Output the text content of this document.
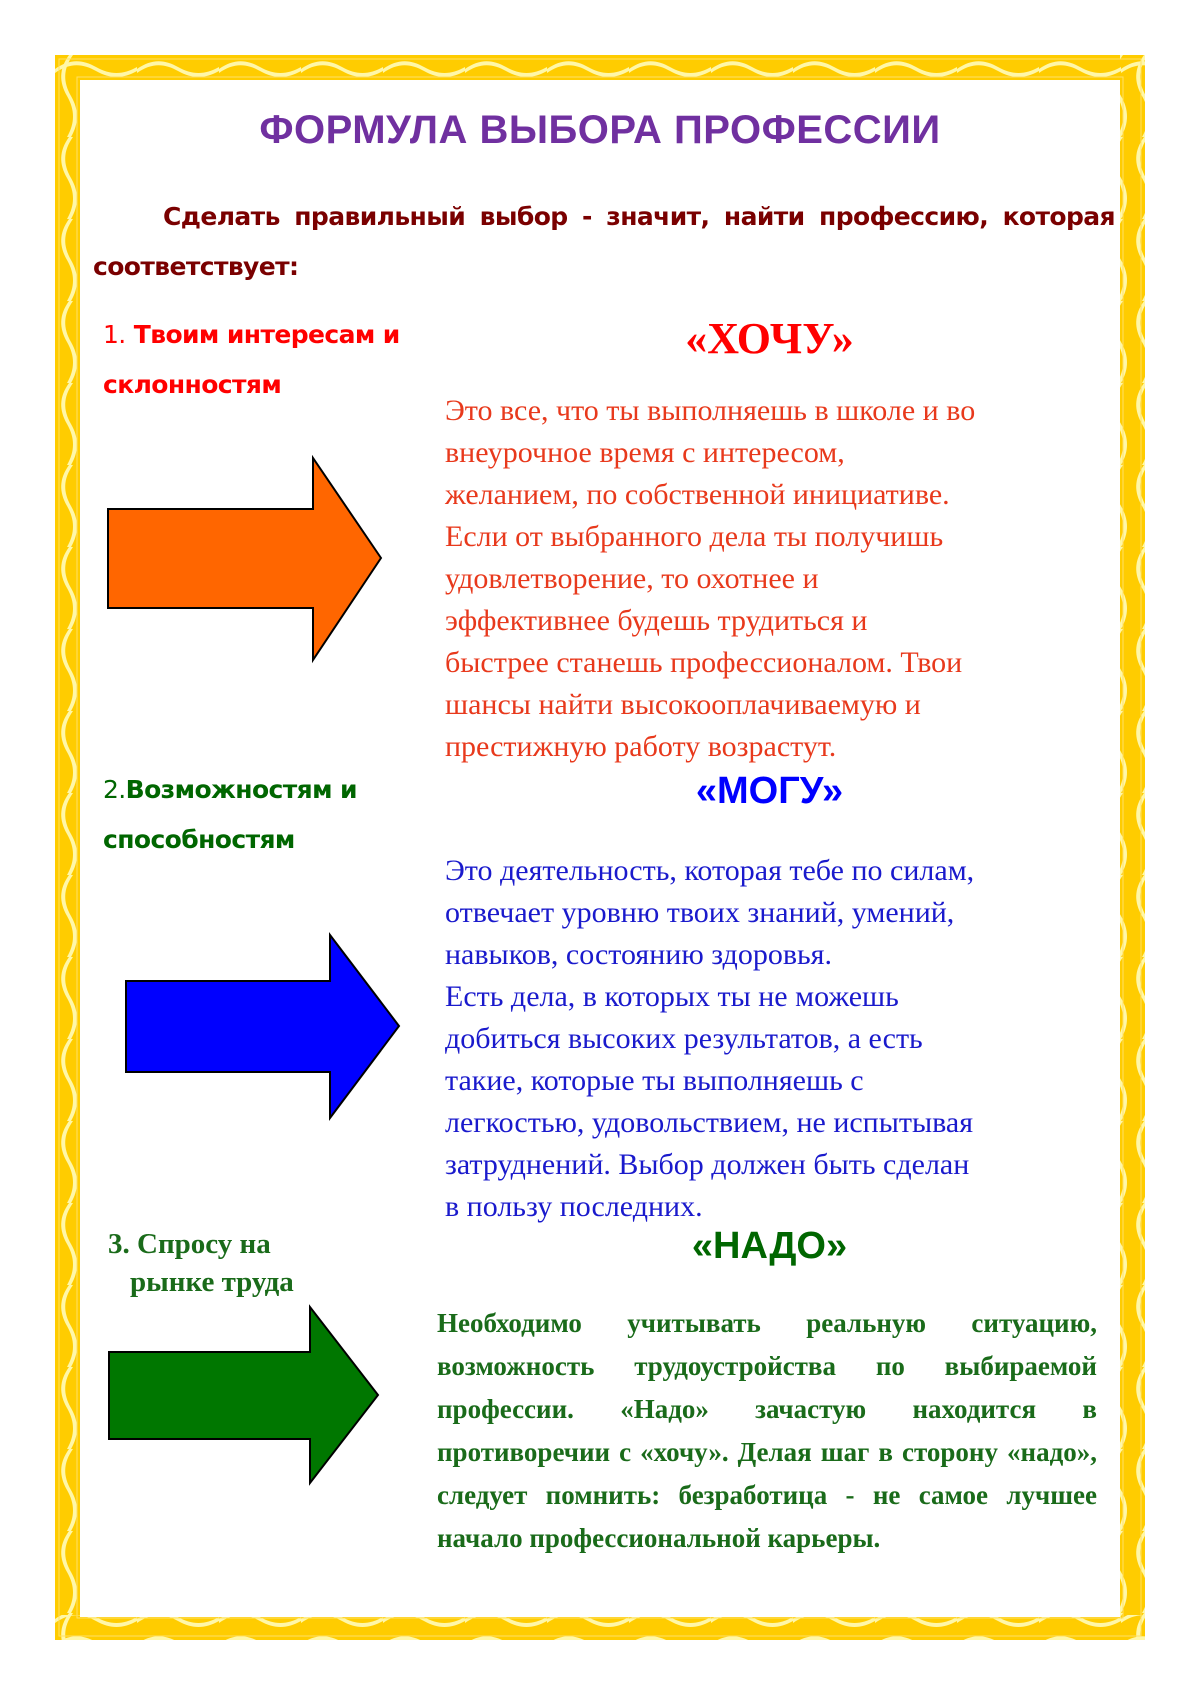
ФОРМУЛА ВЫБОРА ПРОФЕССИИ

Сделать правильный выбор - значит, найти профессию, которая соответствует:

1. Твоим интересам и склонностям
«ХОЧУ»
Это все, что ты выполняешь в школе и во
внеурочное время с интересом,
желанием, по собственной инициативе.
Если от выбранного дела ты получишь
удовлетворение, то охотнее и
эффективнее будешь трудиться и
быстрее станешь профессионалом. Твои
шансы найти высокооплачиваемую и
престижную работу возрастут.
2.Возможностям и способностям
«МОГУ»
Это деятельность, которая тебе по силам,
отвечает уровню твоих знаний, умений,
навыков, состоянию здоровья.
Есть дела, в которых ты не можешь
добиться высоких результатов, а есть
такие, которые ты выполняешь с
легкостью, удовольствием, не испытывая
затруднений. Выбор должен быть сделан
в пользу последних.
3. Спросу на
рынке труда
«НАДО»

Необходимо учитывать реальную ситуацию, возможность трудоустройства по выбираемой профессии. «Надо» зачастую находится в противоречии с «хочу». Делая шаг в сторону «надо», следует помнить: безработица - не самое лучшее начало профессиональной карьеры.
